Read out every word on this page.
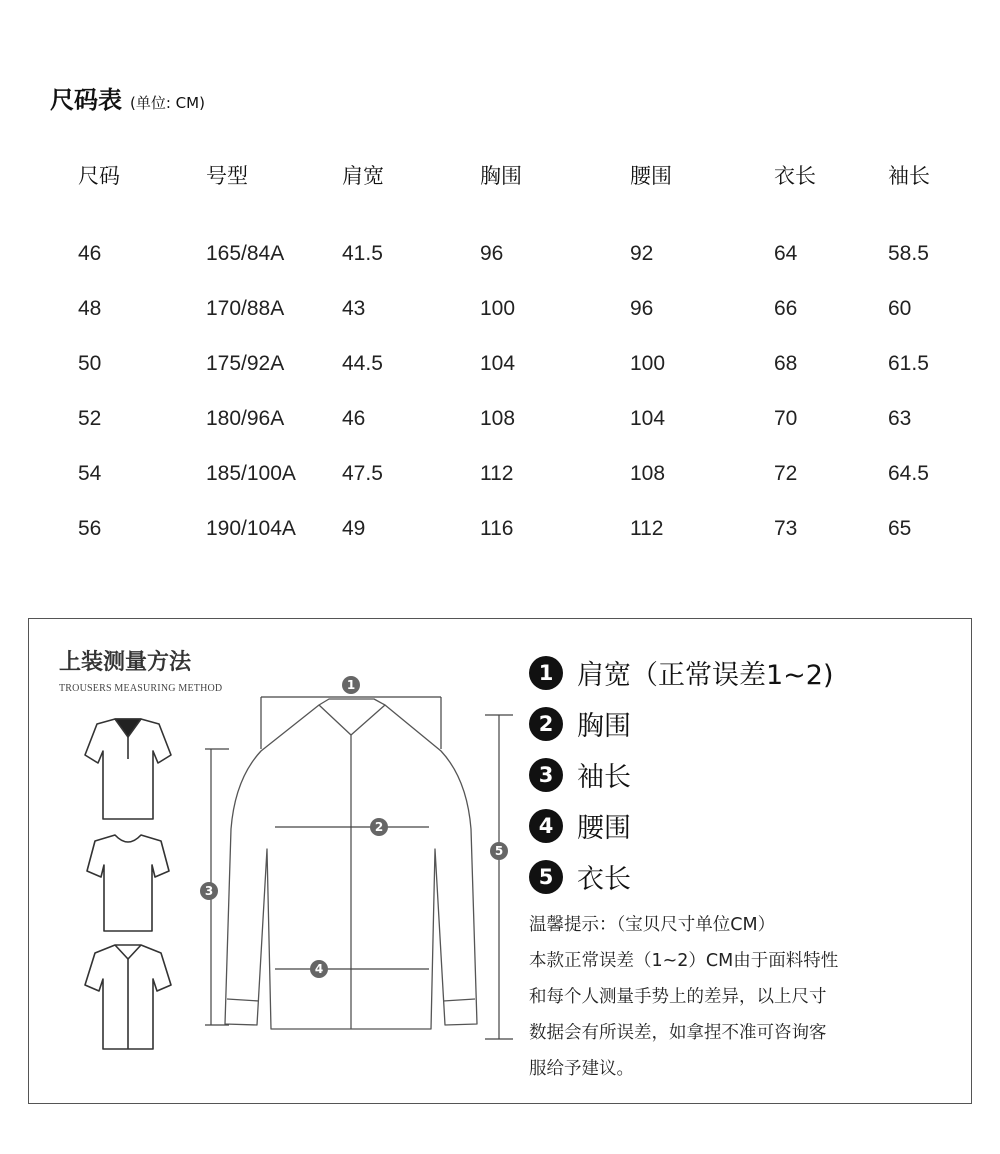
尺码表 (单位: CM)
尺码	号型	肩宽	胸围	腰围	衣长	袖长

46	165/84A	41.5	96	92	64	58.5
48	170/88A	43	100	96	66	60
50	175/92A	44.5	104	100	68	61.5
52	180/96A	46	108	104	70	63
54	185/100A	47.5	112	108	72	64.5
56	190/104A	49	116	112	73	65
上装测量方法
TROUSERS MEASURING METHOD	1
2
3
4
5
1 肩宽（正常误差1~2)
2 胸围
3 袖长
4 腰围
5 衣长
温馨提示：（宝贝尺寸单位CM）
本款正常误差（1~2）CM由于面料特性
和每个人测量手势上的差异，以上尺寸
数据会有所误差，如拿捏不准可咨询客
服给予建议。
